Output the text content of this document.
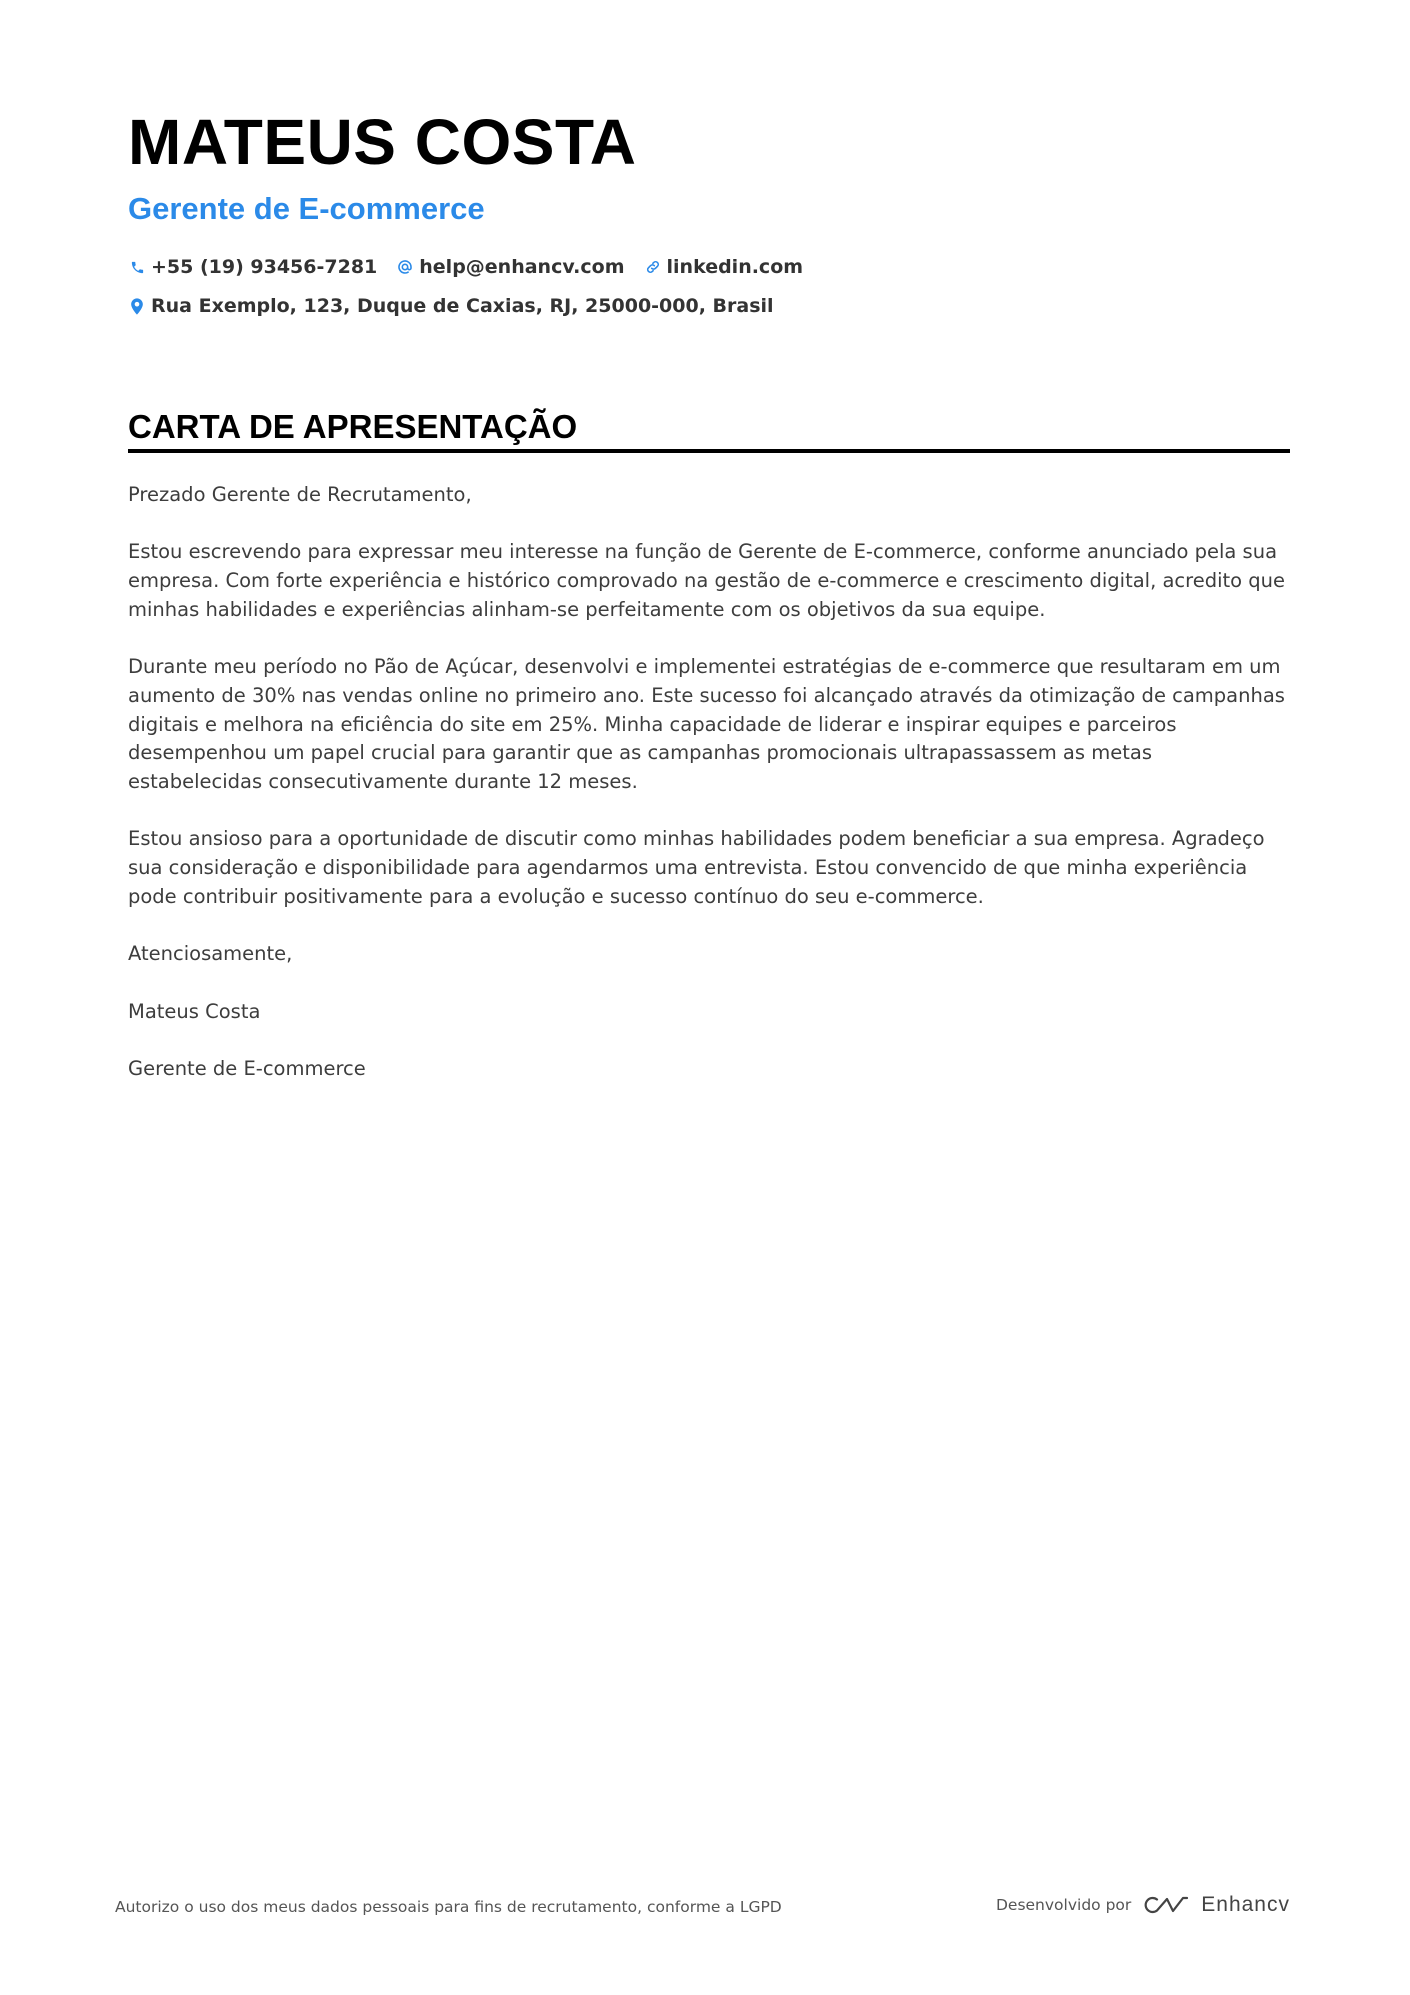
MATEUS COSTA
Gerente de E-commerce
+55 (19) 93456-7281 help@enhancv.com linkedin.com
Rua Exemplo, 123, Duque de Caxias, RJ, 25000-000, Brasil
CARTA DE APRESENTAÇÃO

Prezado Gerente de Recrutamento,

Estou escrevendo para expressar meu interesse na função de Gerente de E-commerce, conforme anunciado pela sua empresa. Com forte experiência e histórico comprovado na gestão de e-commerce e crescimento digital, acredito que minhas habilidades e experiências alinham-se perfeitamente com os objetivos da sua equipe.

Durante meu período no Pão de Açúcar, desenvolvi e implementei estratégias de e-commerce que resultaram em um aumento de 30% nas vendas online no primeiro ano. Este sucesso foi alcançado através da otimização de campanhas digitais e melhora na eficiência do site em 25%. Minha capacidade de liderar e inspirar equipes e parceiros desempenhou um papel crucial para garantir que as campanhas promocionais ultrapassassem as metas estabelecidas consecutivamente durante 12 meses.

Estou ansioso para a oportunidade de discutir como minhas habilidades podem beneficiar a sua empresa. Agradeço sua consideração e disponibilidade para agendarmos uma entrevista. Estou convencido de que minha experiência pode contribuir positivamente para a evolução e sucesso contínuo do seu e-commerce.

Atenciosamente,

Mateus Costa

Gerente de E-commerce

Autorizo o uso dos meus dados pessoais para fins de recrutamento, conforme a LGPD	Desenvolvido por	Enhancv
